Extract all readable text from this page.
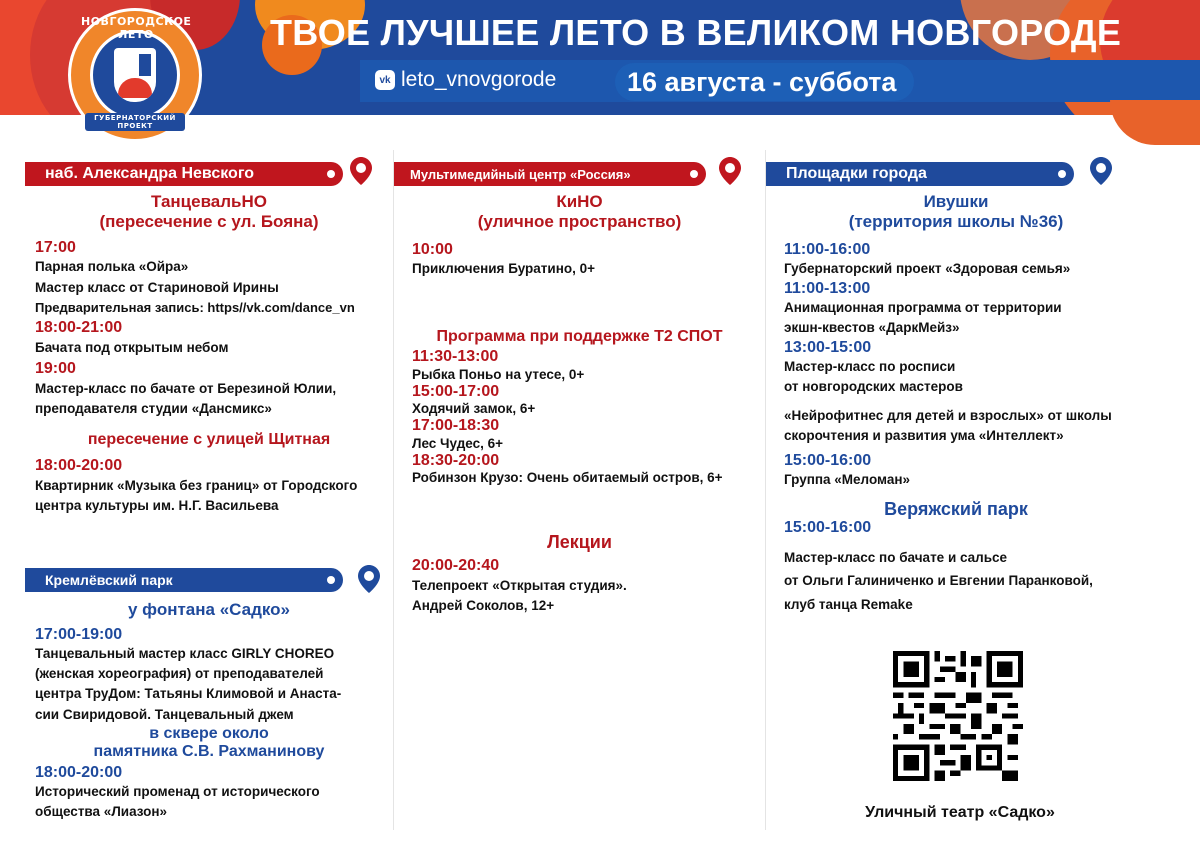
НОВГОРОДСКОЕ ЛЕТО
ГУБЕРНАТОРСКИЙ ПРОЕКТ
ТВОЕ ЛУЧШЕЕ ЛЕТО В ВЕЛИКОМ НОВГОРОДЕ
vk leto_vnovgorode	16 августа - суббота
наб. Александра Невского
ТанцевальНО
(пересечение с ул. Бояна)
17:00
Парная полька «Ойра»
Мастер класс от Стариновой Ирины
Предварительная запись: https//vk.com/dance_vn
18:00-21:00
Бачата под открытым небом
19:00
Мастер-класс по бачате от Березиной Юлии,
преподавателя студии «Дансмикс»
пересечение с улицей Щитная
18:00-20:00
Квартирник «Музыка без границ» от Городского
центра культуры им. Н.Г. Васильева
Кремлёвский парк
у фонтана «Садко»
17:00-19:00
Танцевальный мастер класс GIRLY CHOREO
(женская хореография) от преподавателей
центра ТруДом: Татьяны Климовой и Анаста-
сии Свиридовой. Танцевальный джем
в сквере около
памятника С.В. Рахманинову
18:00-20:00
Исторический променад от исторического
общества «Лиазон»
Мультимедийный центр «Россия»
КиНО
(уличное пространство)
10:00
Приключения Буратино, 0+
Программа при поддержке Т2 СПОТ
11:30-13:00
Рыбка Поньо на утесе, 0+
15:00-17:00
Ходячий замок, 6+
17:00-18:30
Лес Чудес, 6+
18:30-20:00
Робинзон Крузо: Очень обитаемый остров, 6+
Лекции
20:00-20:40
Телепроект «Открытая студия».
Андрей Соколов, 12+
Площадки города
Ивушки
(территория школы №36)
11:00-16:00
Губернаторский проект «Здоровая семья»
11:00-13:00
Анимационная программа от территории
экшн-квестов «ДаркМейз»
13:00-15:00
Мастер-класс по росписи
от новгородских мастеров
«Нейрофитнес для детей и взрослых» от школы
скорочтения и развития ума «Интеллект»
15:00-16:00
Группа «Меломан»
Веряжский парк
15:00-16:00
Мастер-класс по бачате и сальсе
от Ольги Галиниченко и Евгении Паранковой,
клуб танца Remake
Уличный театр «Садко»
